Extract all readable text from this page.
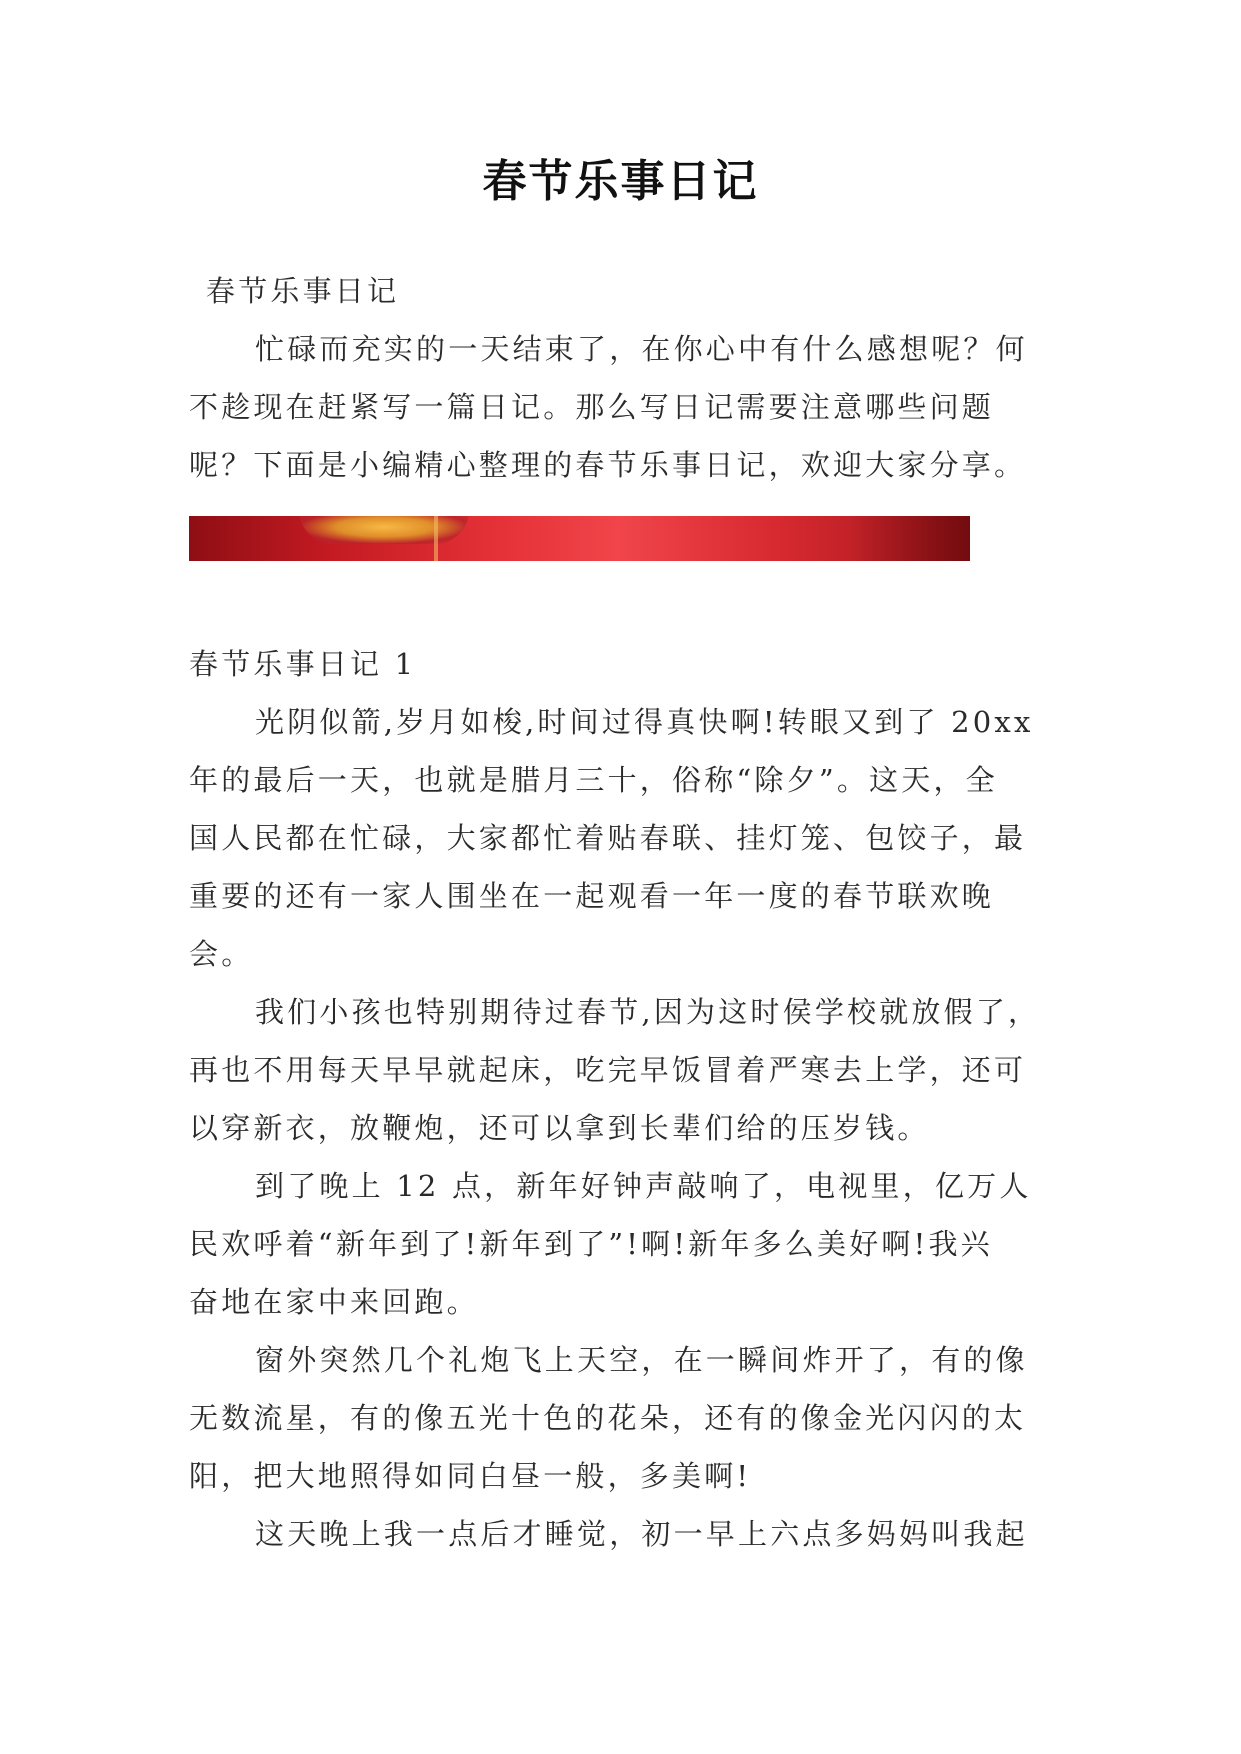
春节乐事日记
春节乐事日记
忙碌而充实的一天结束了，在你心中有什么感想呢？何
不趁现在赶紧写一篇日记。那么写日记需要注意哪些问题
呢？下面是小编精心整理的春节乐事日记，欢迎大家分享。
春节乐事日记 1
光阴似箭,岁月如梭,时间过得真快啊!转眼又到了 20xx
年的最后一天，也就是腊月三十，俗称“除夕”。这天，全
国人民都在忙碌，大家都忙着贴春联、挂灯笼、包饺子，最
重要的还有一家人围坐在一起观看一年一度的春节联欢晚
会。
我们小孩也特别期待过春节,因为这时侯学校就放假了，
再也不用每天早早就起床，吃完早饭冒着严寒去上学，还可
以穿新衣，放鞭炮，还可以拿到长辈们给的压岁钱。
到了晚上 12 点，新年好钟声敲响了，电视里，亿万人
民欢呼着“新年到了!新年到了”!啊!新年多么美好啊!我兴
奋地在家中来回跑。
窗外突然几个礼炮飞上天空，在一瞬间炸开了，有的像
无数流星，有的像五光十色的花朵，还有的像金光闪闪的太
阳，把大地照得如同白昼一般，多美啊!
这天晚上我一点后才睡觉，初一早上六点多妈妈叫我起
